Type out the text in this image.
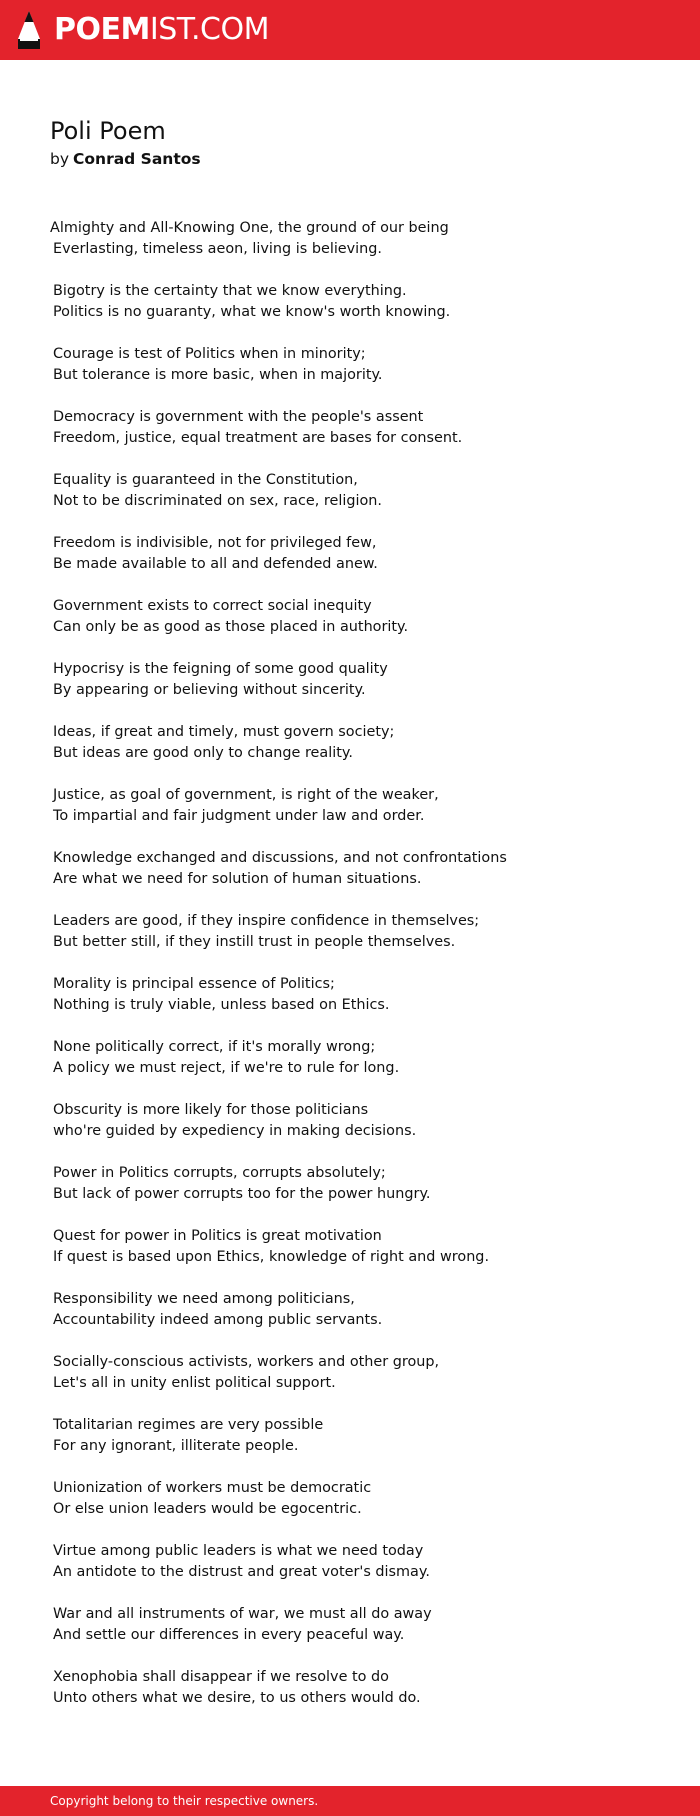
POEMIST.COM
Poli Poem
by Conrad Santos
Almighty and All-Knowing One, the ground of our being
Everlasting, timeless aeon, living is believing.
Bigotry is the certainty that we know everything.
Politics is no guaranty, what we know's worth knowing.
Courage is test of Politics when in minority;
But tolerance is more basic, when in majority.
Democracy is government with the people's assent
Freedom, justice, equal treatment are bases for consent.
Equality is guaranteed in the Constitution,
Not to be discriminated on sex, race, religion.
Freedom is indivisible, not for privileged few,
Be made available to all and defended anew.
Government exists to correct social inequity
Can only be as good as those placed in authority.
Hypocrisy is the feigning of some good quality
By appearing or believing without sincerity.
Ideas, if great and timely, must govern society;
But ideas are good only to change reality.
Justice, as goal of government, is right of the weaker,
To impartial and fair judgment under law and order.
Knowledge exchanged and discussions, and not confrontations
Are what we need for solution of human situations.
Leaders are good, if they inspire confidence in themselves;
But better still, if they instill trust in people themselves.
Morality is principal essence of Politics;
Nothing is truly viable, unless based on Ethics.
None politically correct, if it's morally wrong;
A policy we must reject, if we're to rule for long.
Obscurity is more likely for those politicians
who're guided by expediency in making decisions.
Power in Politics corrupts, corrupts absolutely;
But lack of power corrupts too for the power hungry.
Quest for power in Politics is great motivation
If quest is based upon Ethics, knowledge of right and wrong.
Responsibility we need among politicians,
Accountability indeed among public servants.
Socially-conscious activists, workers and other group,
Let's all in unity enlist political support.
Totalitarian regimes are very possible
For any ignorant, illiterate people.
Unionization of workers must be democratic
Or else union leaders would be egocentric.
Virtue among public leaders is what we need today
An antidote to the distrust and great voter's dismay.
War and all instruments of war, we must all do away
And settle our differences in every peaceful way.
Xenophobia shall disappear if we resolve to do
Unto others what we desire, to us others would do.
Copyright belong to their respective owners.
